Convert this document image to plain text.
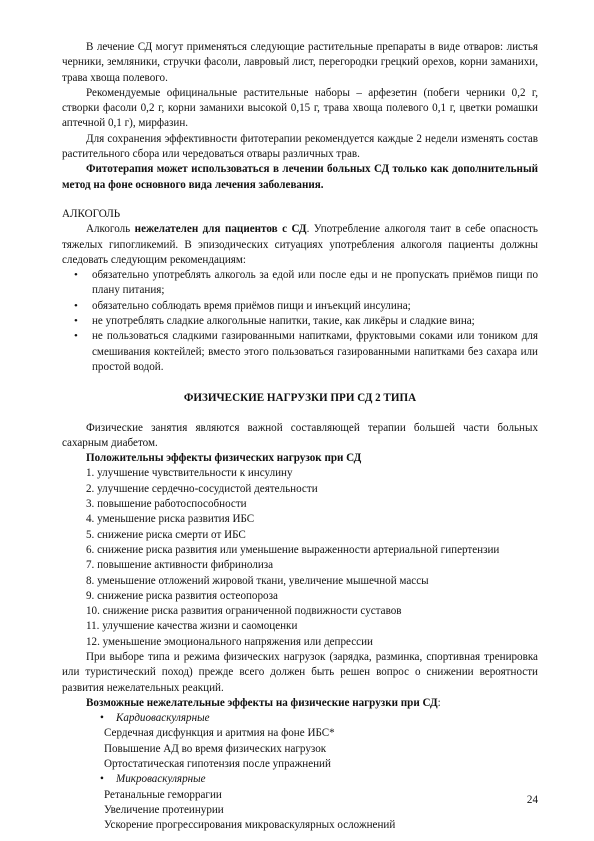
В лечение СД могут применяться следующие растительные препараты в виде отваров: листья черники, земляники, стручки фасоли, лавровый лист, перегородки грецкий орехов, корни заманихи, трава хвоща полевого.

Рекомендуемые официнальные растительные наборы – арфезетин (побеги черники 0,2 г, створки фасоли 0,2 г, корни заманихи высокой 0,15 г, трава хвоща полевого 0,1 г, цветки ромашки аптечной 0,1 г), мирфазин.

Для сохранения эффективности фитотерапии рекомендуется каждые 2 недели изменять состав растительного сбора или чередоваться отвары различных трав.

Фитотерапия может использоваться в лечении больных СД только как дополнительный метод на фоне основного вида лечения заболевания.

АЛКОГОЛЬ

Алкоголь нежелателен для пациентов с СД. Употребление алкоголя таит в себе опасность тяжелых гипогликемий. В эпизодических ситуациях употребления алкоголя пациенты должны следовать следующим рекомендациям:

• обязательно употреблять алкоголь за едой или после еды и не пропускать приёмов пищи по плану питания;
• обязательно соблюдать время приёмов пищи и инъекций инсулина;
• не употреблять сладкие алкогольные напитки, такие, как ликёры и сладкие вина;
• не пользоваться сладкими газированными напитками, фруктовыми соками или тоником для смешивания коктейлей; вместо этого пользоваться газированными напитками без сахара или простой водой.
ФИЗИЧЕСКИЕ НАГРУЗКИ ПРИ СД 2 ТИПА

Физические занятия являются важной составляющей терапии большей части больных сахарным диабетом.

Положительны эффекты физических нагрузок при СД

1. улучшение чувствительности к инсулину
2. улучшение сердечно-сосудистой деятельности
3. повышение работоспособности
4. уменьшение риска развития ИБС
5. снижение риска смерти от ИБС
6. снижение риска развития или уменьшение выраженности артериальной гипертензии
7. повышение активности фибринолиза
8. уменьшение отложений жировой ткани, увеличение мышечной массы
9. снижение риска развития остеопороза
10. снижение риска развития ограниченной подвижности суставов
11. улучшение качества жизни и саомоценки
12. уменьшение эмоционального напряжения или депрессии

При выборе типа и режима физических нагрузок (зарядка, разминка, спортивная тренировка или туристический поход) прежде всего должен быть решен вопрос о снижении вероятности развития нежелательных реакций.

Возможные нежелательные эффекты на физические нагрузки при СД:

• Кардиоваскулярные
Сердечная дисфункция и аритмия на фоне ИБС*
Повышение АД во время физических нагрузок
Ортостатическая гипотензия после упражнений
• Микроваскулярные
Ретанальные геморрагии
Увеличение протеинурии
Ускорение прогрессирования микроваскулярных осложнений
24
